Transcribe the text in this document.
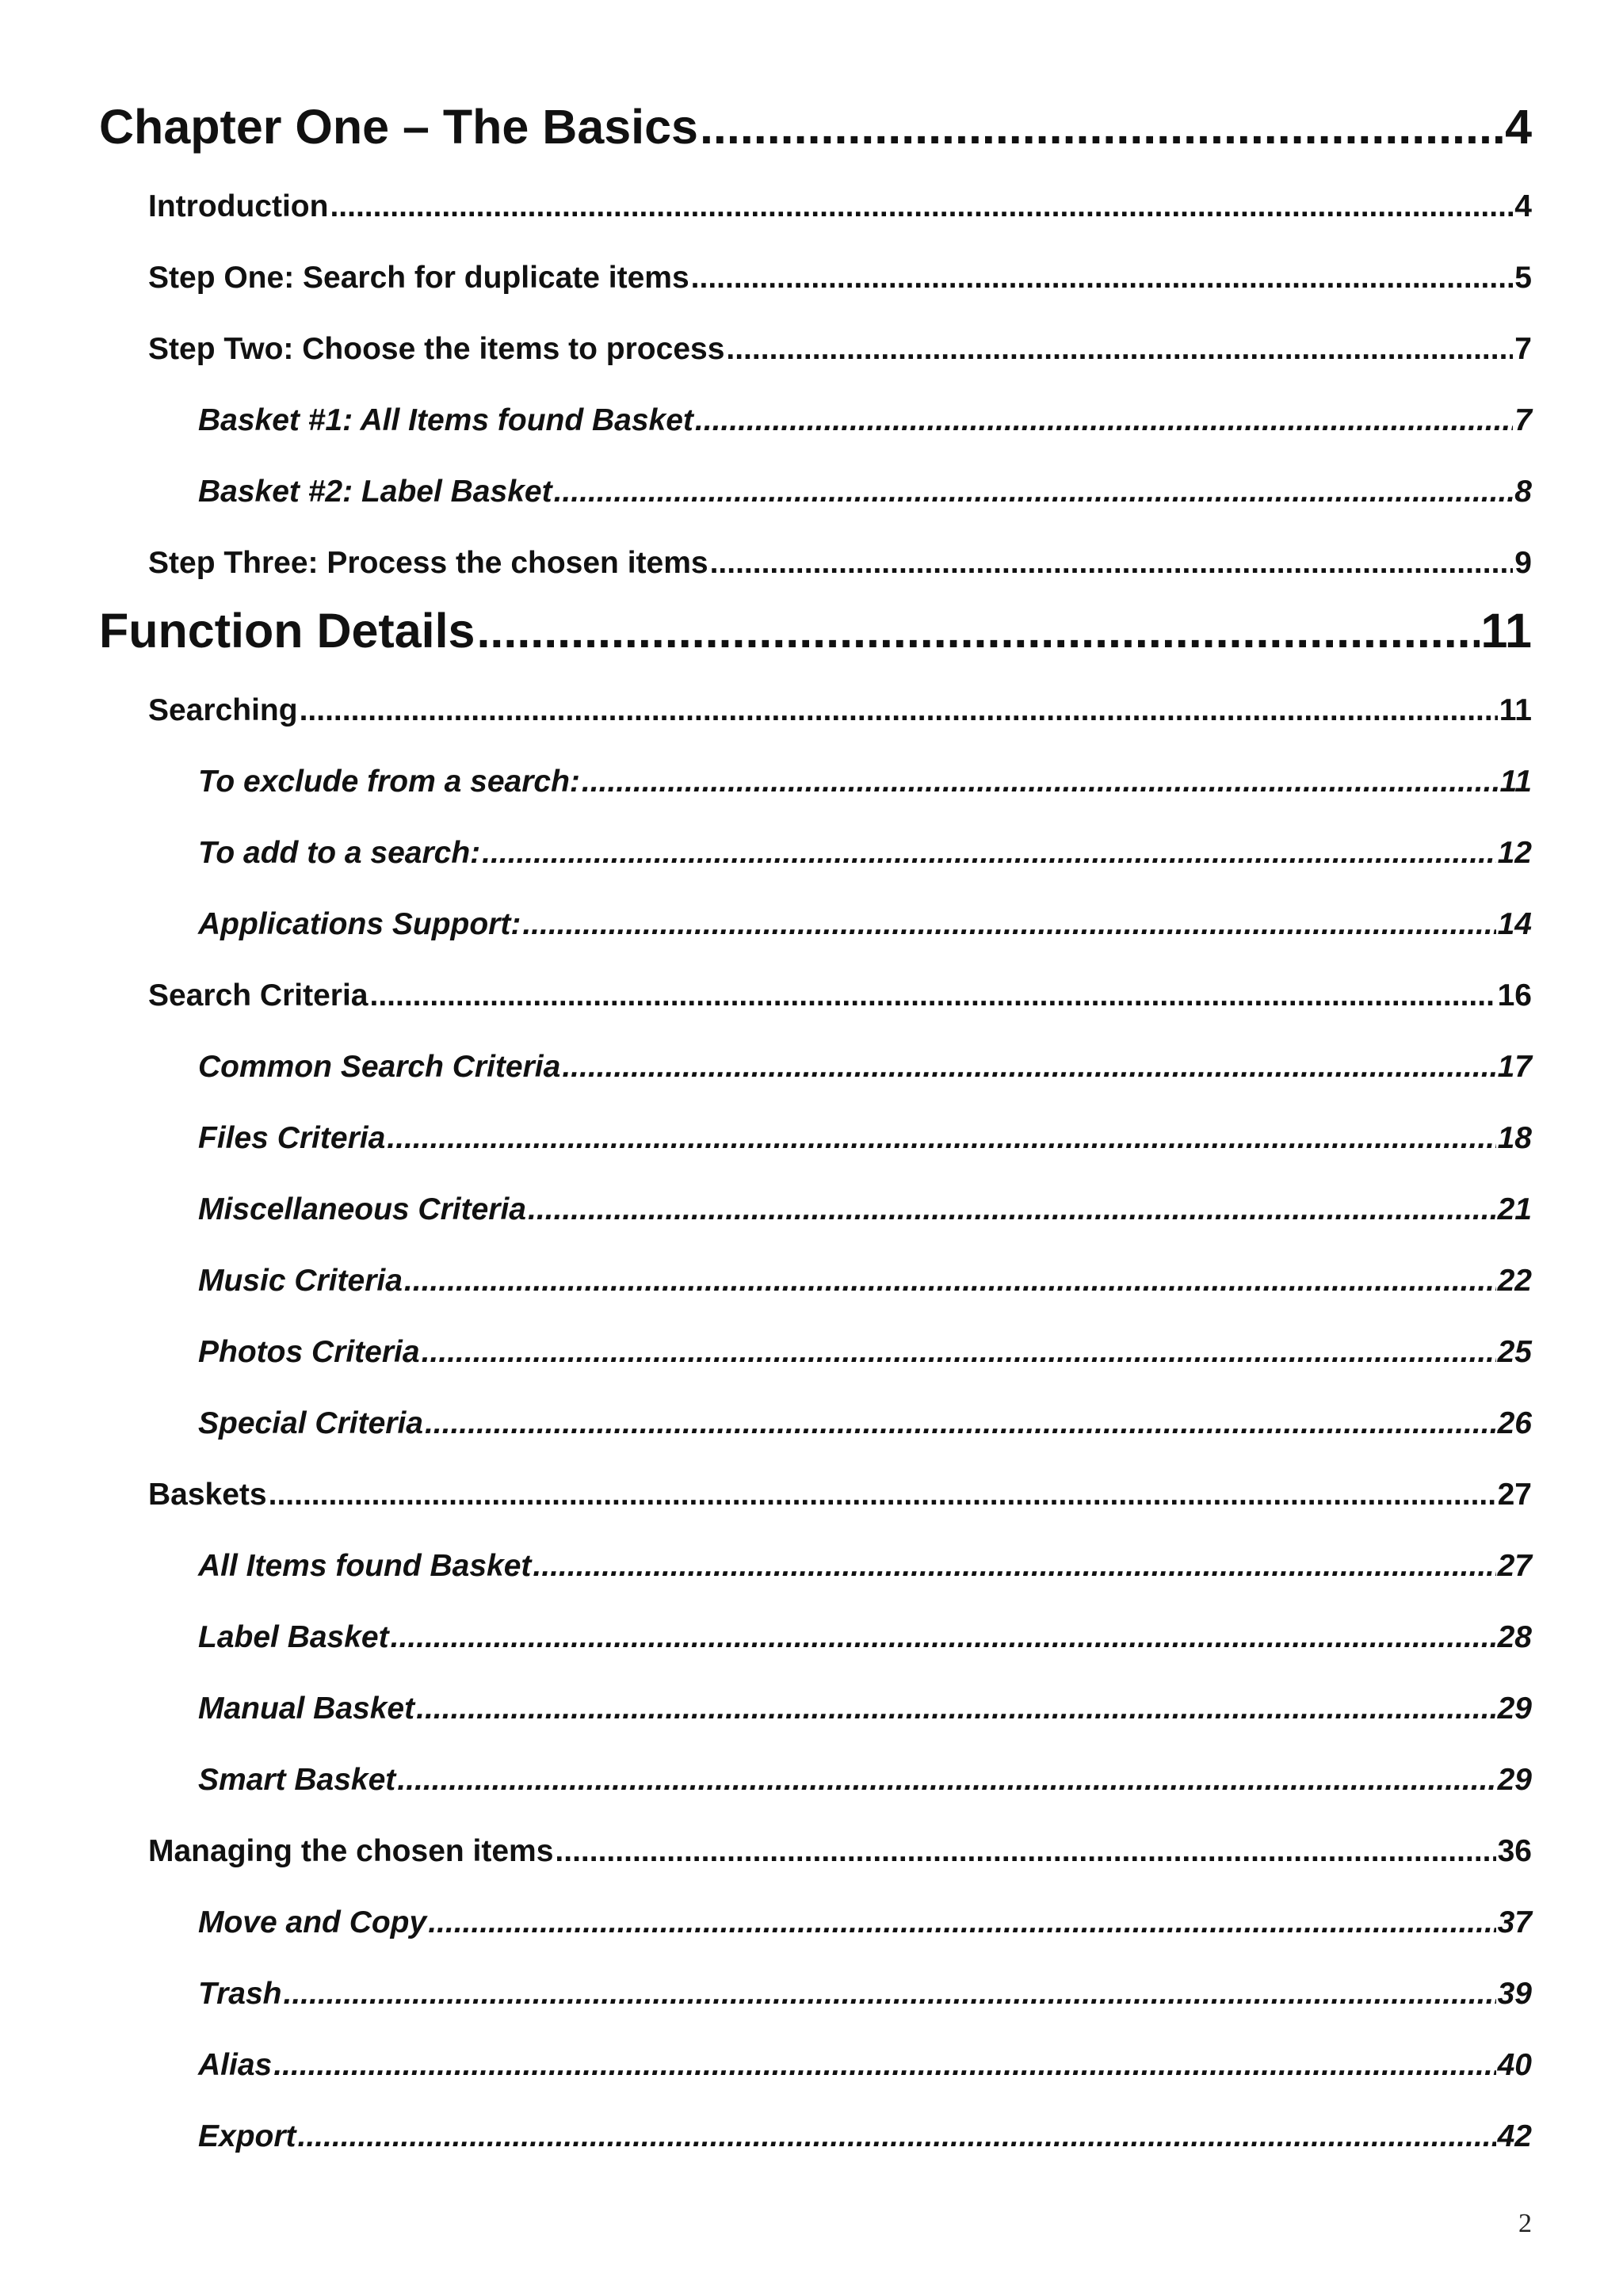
Chapter One – The Basics .....	4
Introduction .....	4
Step One: Search for duplicate items .....	5
Step Two: Choose the items to process .....	7
Basket #1: All Items found Basket .....	7
Basket #2: Label Basket .....	8
Step Three: Process the chosen items .....	9
Function Details .....	11
Searching .....	11
To exclude from a search: .....	11
To add to a search: .....	12
Applications Support: .....	14
Search Criteria .....	16
Common Search Criteria .....	17
Files Criteria .....	18
Miscellaneous Criteria .....	21
Music Criteria .....	22
Photos Criteria .....	25
Special Criteria .....	26
Baskets .....	27
All Items found Basket .....	27
Label Basket .....	28
Manual Basket .....	29
Smart Basket .....	29
Managing the chosen items .....	36
Move and Copy .....	37
Trash .....	39
Alias .....	40
Export .....	42
2
